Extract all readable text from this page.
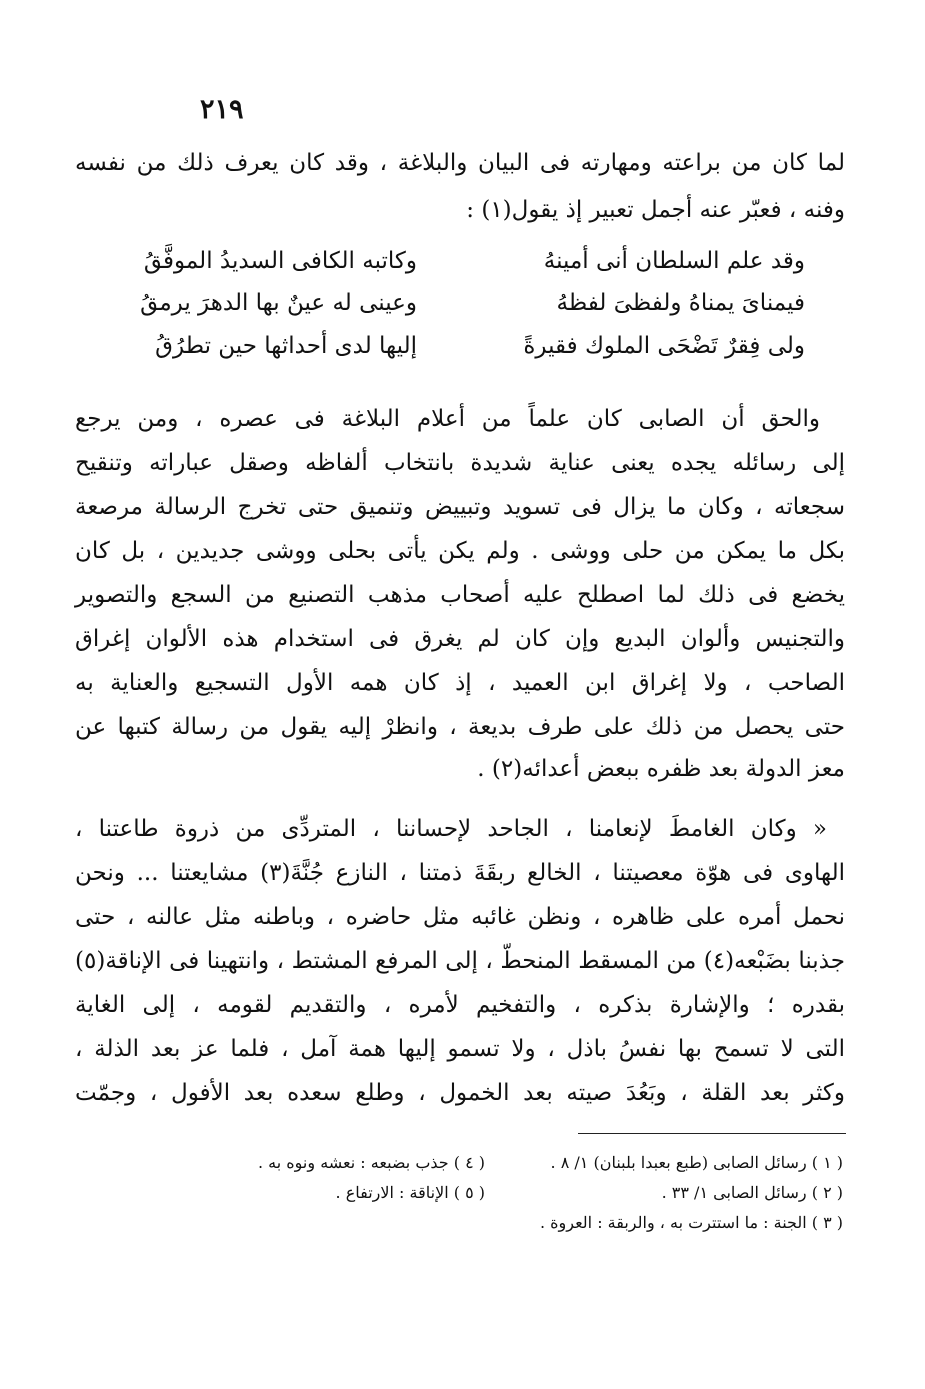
٢١٩
لما كان من براعته ومهارته فى البيان والبلاغة ، وقد كان يعرف ذلك من نفسه
وفنه ، فعبّر عنه أجمل تعبير إذ يقول(١) :
وقد علم السلطان أنى أمينهُ
وكاتبه الكافى السديدُ الموفَّقُ
فيمناىَ يمناهُ ولفظىَ لفظهُ
وعينى له عينٌ بها الدهرَ يرمقُ
ولى فِقرٌ تَضْحَى الملوك فقيرةً
إليها لدى أحداثها حين تطرُقُ
والحق أن الصابى كان علماً من أعلام البلاغة فى عصره ، ومن يرجع
إلى رسائله يجده يعنى عناية شديدة بانتخاب ألفاظه وصقل عباراته وتنقيح
سجعاته ، وكان ما يزال فى تسويد وتبييض وتنميق حتى تخرج الرسالة مرصعة
بكل ما يمكن من حلى ووشى . ولم يكن يأتى بحلى ووشى جديدين ، بل كان
يخضع فى ذلك لما اصطلح عليه أصحاب مذهب التصنيع من السجع والتصوير
والتجنيس وألوان البديع وإن كان لم يغرق فى استخدام هذه الألوان إغراق
الصاحب ، ولا إغراق ابن العميد ، إذ كان همه الأول التسجيع والعناية به
حتى يحصل من ذلك على طرف بديعة ، وانظرْ إليه يقول من رسالة كتبها عن
معز الدولة بعد ظفره ببعض أعدائه(٢) .
« وكان الغامطَ لإنعامنا ، الجاحد لإحساننا ، المتردِّى من ذروة طاعتنا ،
الهاوى فى هوّة معصيتنا ، الخالع ربقَةَ ذمتنا ، النازع جُنَّةَ(٣) مشايعتنا ... ونحن
نحمل أمره على ظاهره ، ونظن غائبه مثل حاضره ، وباطنه مثل عالنه ، حتى
جذبنا بضَبْعه(٤) من المسقط المنحطّ ، إلى المرفع المشتط ، وانتهينا فى الإناقة(٥)
بقدره ؛ والإشارة بذكره ، والتفخيم لأمره ، والتقديم لقومه ، إلى الغاية
التى لا تسمح بها نفسُ باذل ، ولا تسمو إليها همة آمل ، فلما عز بعد الذلة ،
وكثر بعد القلة ، وبَعُدَ صيته بعد الخمول ، وطلع سعده بعد الأفول ، وجمّت
( ١ ) رسائل الصابى (طبع بعبدا بلبنان) ١/ ٨ .
( ٢ ) رسائل الصابى ١/ ٣٣ .
( ٣ ) الجنة : ما استترت به ، والربقة : العروة .
( ٤ ) جذب بضبعه : نعشه ونوه به .
( ٥ ) الإناقة : الارتفاع .
